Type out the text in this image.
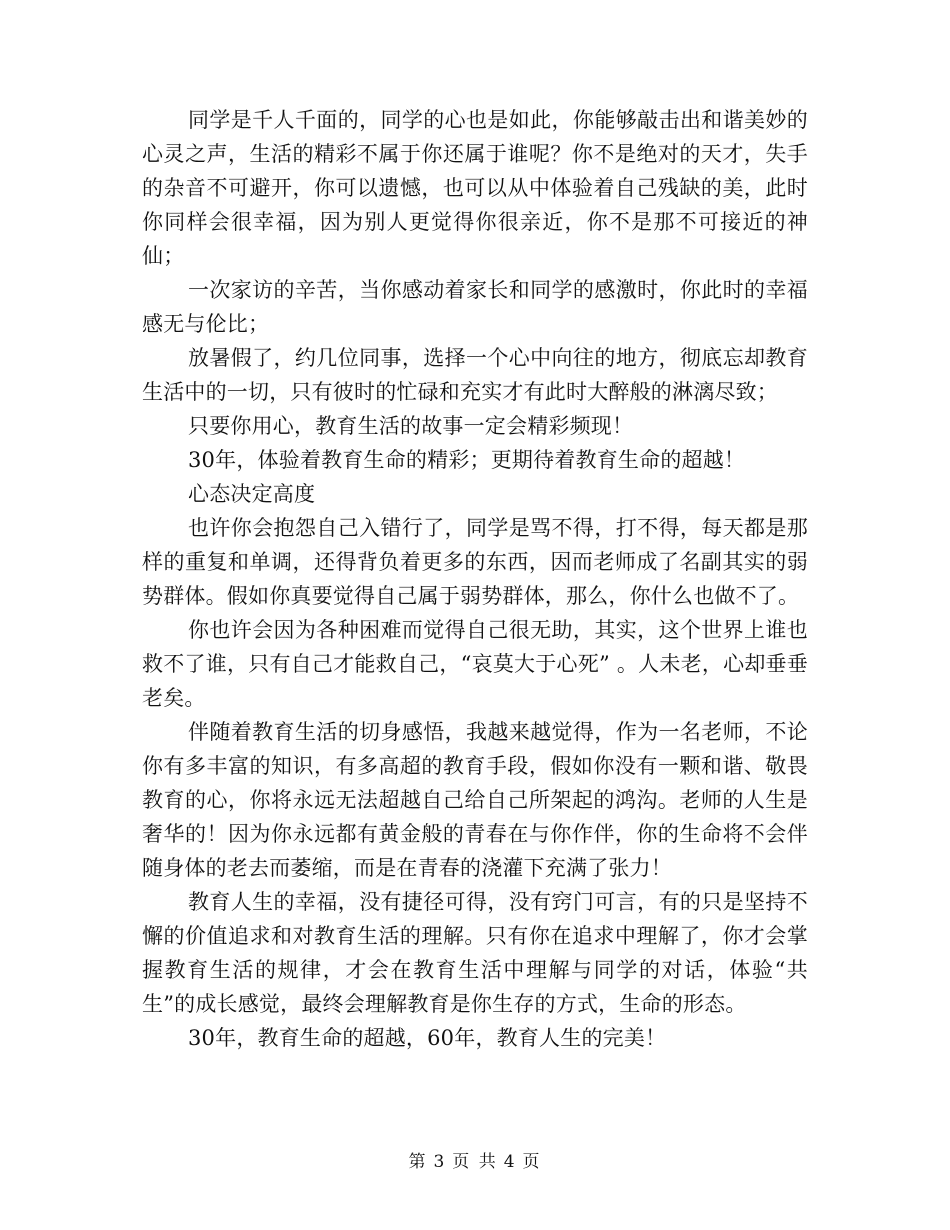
同学是千人千面的，同学的心也是如此，你能够敲击出和谐美妙的心灵之声，生活的精彩不属于你还属于谁呢？你不是绝对的天才，失手的杂音不可避开，你可以遗憾，也可以从中体验着自己残缺的美，此时你同样会很幸福，因为别人更觉得你很亲近，你不是那不可接近的神仙；

一次家访的辛苦，当你感动着家长和同学的感激时，你此时的幸福感无与伦比；

放暑假了，约几位同事，选择一个心中向往的地方，彻底忘却教育生活中的一切，只有彼时的忙碌和充实才有此时大醉般的淋漓尽致；

只要你用心，教育生活的故事一定会精彩频现！

30年，体验着教育生命的精彩；更期待着教育生命的超越！

心态决定高度

也许你会抱怨自己入错行了，同学是骂不得，打不得，每天都是那样的重复和单调，还得背负着更多的东西，因而老师成了名副其实的弱势群体。假如你真要觉得自己属于弱势群体，那么，你什么也做不了。

你也许会因为各种困难而觉得自己很无助，其实，这个世界上谁也救不了谁，只有自己才能救自己，“哀莫大于心死” 。人未老，心却垂垂老矣。

伴随着教育生活的切身感悟，我越来越觉得，作为一名老师，不论你有多丰富的知识，有多高超的教育手段，假如你没有一颗和谐、敬畏教育的心，你将永远无法超越自己给自己所架起的鸿沟。老师的人生是奢华的！因为你永远都有黄金般的青春在与你作伴，你的生命将不会伴随身体的老去而萎缩，而是在青春的浇灌下充满了张力！

教育人生的幸福，没有捷径可得，没有窍门可言，有的只是坚持不懈的价值追求和对教育生活的理解。只有你在追求中理解了，你才会掌握教育生活的规律，才会在教育生活中理解与同学的对话，体验“共生”的成长感觉，最终会理解教育是你生存的方式，生命的形态。

30年，教育生命的超越，60年，教育人生的完美！

第 3 页 共 4 页
